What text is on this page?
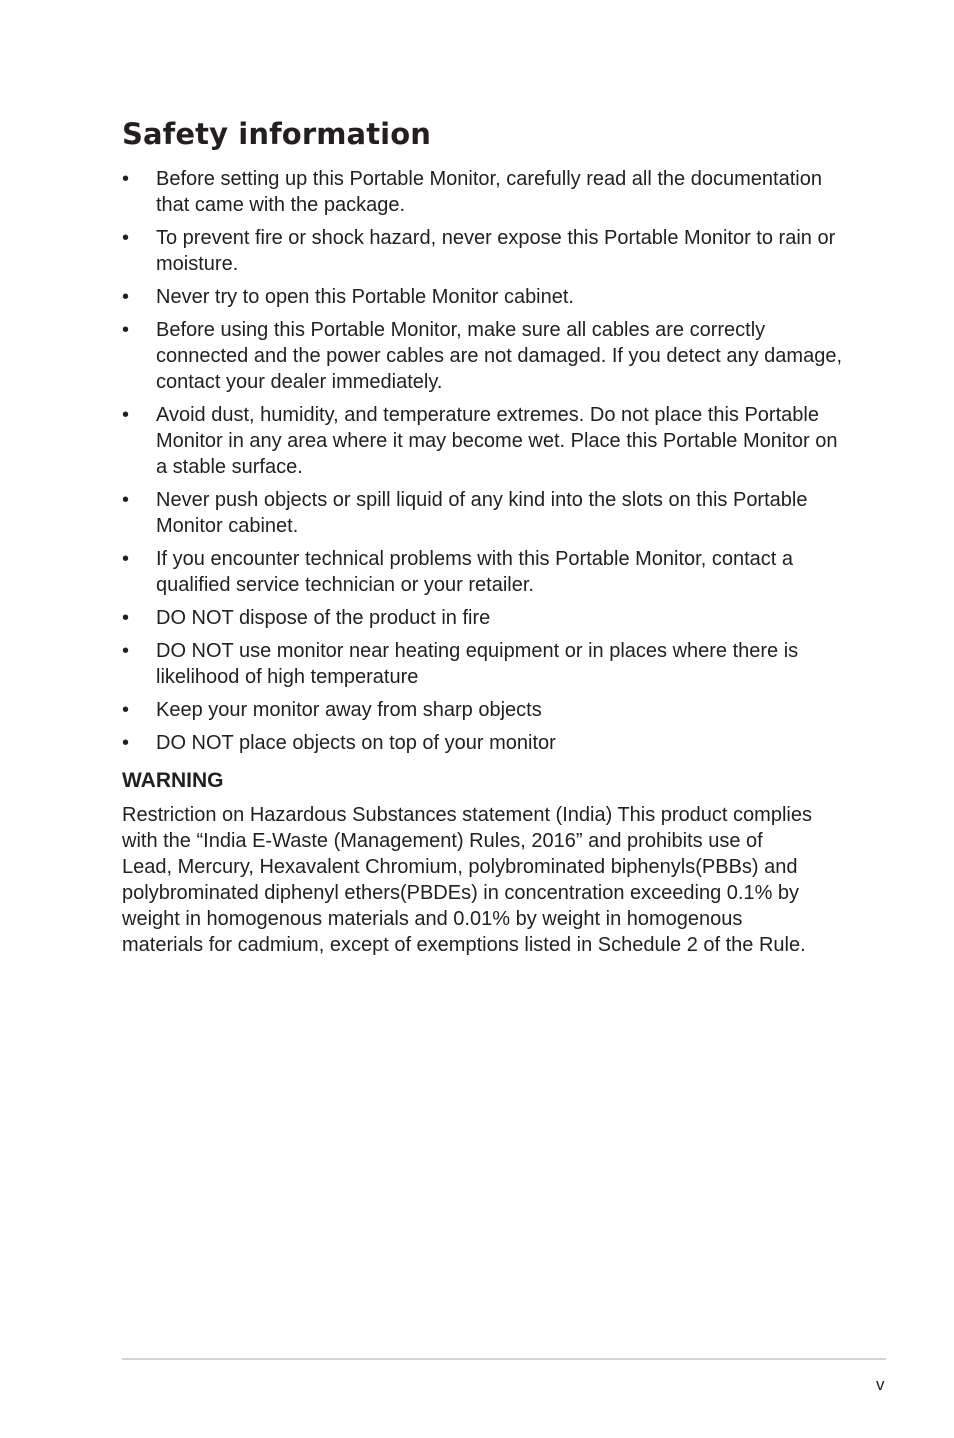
Safety information
•	Before setting up this Portable Monitor, carefully read all the documentation that came with the package.
•	To prevent fire or shock hazard, never expose this Portable Monitor to rain or moisture.
•	Never try to open this Portable Monitor cabinet.
•	Before using this Portable Monitor, make sure all cables are correctly connected and the power cables are not damaged. If you detect any damage, contact your dealer immediately.
•	Avoid dust, humidity, and temperature extremes. Do not place this Portable Monitor in any area where it may become wet. Place this Portable Monitor on a stable surface.
•	Never push objects or spill liquid of any kind into the slots on this Portable Monitor cabinet.
•	If you encounter technical problems with this Portable Monitor, contact a qualified service technician or your retailer.
•	DO NOT dispose of the product in fire
•	DO NOT use monitor near heating equipment or in places where there is likelihood of high temperature
•	Keep your monitor away from sharp objects
•	DO NOT place objects on top of your monitor
WARNING

Restriction on Hazardous Substances statement (India) This product complies with the “India E-Waste (Management) Rules, 2016” and prohibits use of Lead, Mercury, Hexavalent Chromium, polybrominated biphenyls(PBBs) and polybrominated diphenyl ethers(PBDEs) in concentration exceeding 0.1% by weight in homogenous materials and 0.01% by weight in homogenous materials for cadmium, except of exemptions listed in Schedule 2 of the Rule.

v
